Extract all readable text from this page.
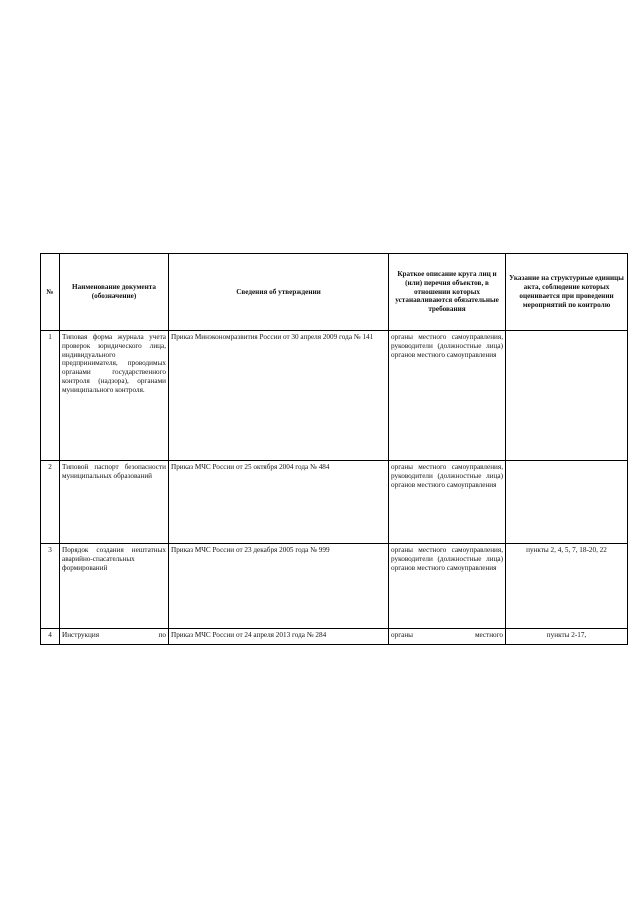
№	Наименование документа (обозначение)	Сведения об утверждении	Краткое описание круга лиц и (или) перечня объектов, в отношении которых устанавливаются обязательные требования	Указание на структурные единицы акта, соблюдение которых оценивается при проведении мероприятий по контролю
1	Типовая форма журнала учета проверок юридического лица, индивидуального предпринимателя, проводимых органами государственного контроля (надзора), органами муниципального контроля.	Приказ Минэкономразвития России от 30 апреля 2009 года № 141	органы местного самоуправления, руководители (должностные лица) органов местного самоуправления	
2	Типовой паспорт безопасности муниципальных образований	Приказ МЧС России от 25 октября 2004 года № 484	органы местного самоуправления, руководители (должностные лица) органов местного самоуправления	
3	Порядок создания нештатных аварийно-спасательных формирований	Приказ МЧС России от 23 декабря 2005 года № 999	органы местного самоуправления, руководители (должностные лица) органов местного самоуправления	пункты 2, 4, 5, 7, 18-20, 22
4	Инструкция по	Приказ МЧС России от 24 апреля 2013 года № 284	органы местного	пункты 2-17,
